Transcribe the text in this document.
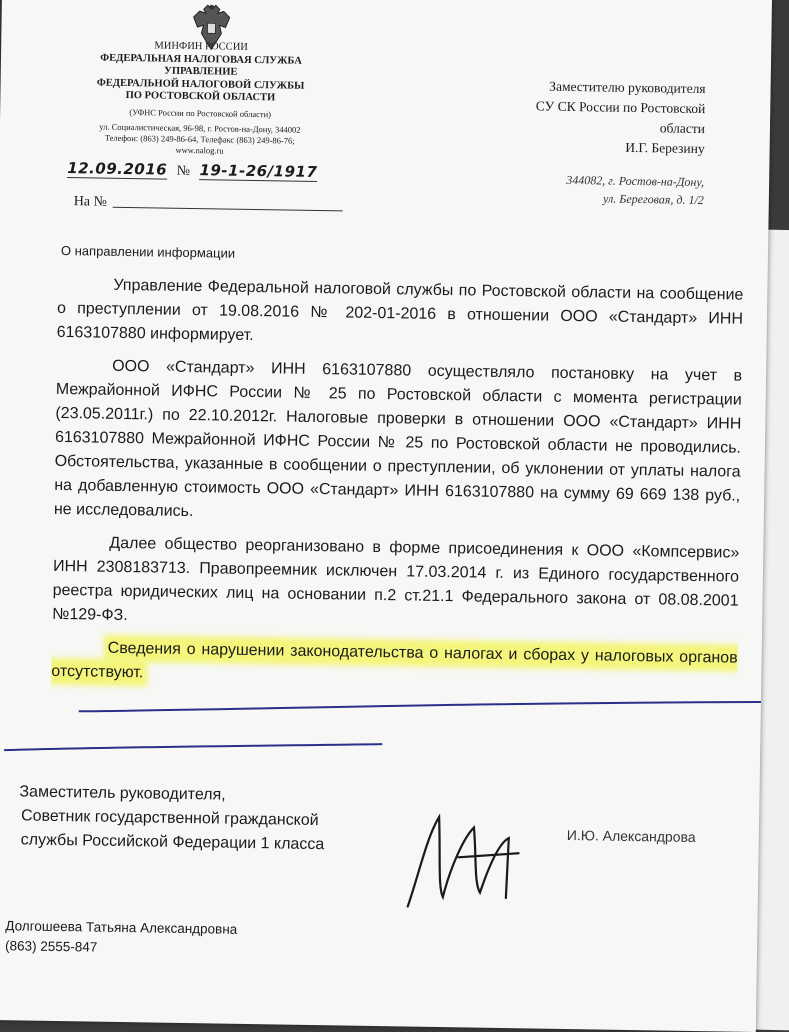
МИНФИН РОССИИ
ФЕДЕРАЛЬНАЯ НАЛОГОВАЯ СЛУЖБА
УПРАВЛЕНИЕ
ФЕДЕРАЛЬНОЙ НАЛОГОВОЙ СЛУЖБЫ
ПО РОСТОВСКОЙ ОБЛАСТИ
(УФНС России по Ростовской области)
ул. Социалистическая, 96-98, г. Ростов-на-Дону, 344002
Телефон: (863) 249-86-64, Телефакс (863) 249-86-76;
www.nalog.ru
Заместителю руководителя
СУ СК России по Ростовской
области
И.Г. Березину
344082, г. Ростов-на-Дону,
ул. Береговая, д. 1/2
12.09.2016 № 19-1-26/1917
На №
О направлении информации

Управление Федеральной налоговой службы по Ростовской области на сообщение о преступлении от 19.08.2016 № 202-01-2016 в отношении ООО «Стандарт» ИНН 6163107880 информирует.

ООО «Стандарт» ИНН 6163107880 осуществляло постановку на учет в Межрайонной ИФНС России № 25 по Ростовской области с момента регистрации (23.05.2011г.) по 22.10.2012г. Налоговые проверки в отношении ООО «Стандарт» ИНН 6163107880 Межрайонной ИФНС России № 25 по Ростовской области не проводились. Обстоятельства, указанные в сообщении о преступлении, об уклонении от уплаты налога на добавленную стоимость ООО «Стандарт» ИНН 6163107880 на сумму 69 669 138 руб., не исследовались.

Далее общество реорганизовано в форме присоединения к ООО «Компсервис» ИНН 2308183713. Правопреемник исключен 17.03.2014 г. из Единого государственного реестра юридических лиц на основании п.2 ст.21.1 Федерального закона от 08.08.2001 №129-ФЗ.

Сведения о нарушении законодательства о налогах и сборах у налоговых органов отсутствуют.

Заместитель руководителя,
Советник государственной гражданской
службы Российской Федерации 1 класса	И.Ю. Александрова
Долгошеева Татьяна Александровна
(863) 2555-847
